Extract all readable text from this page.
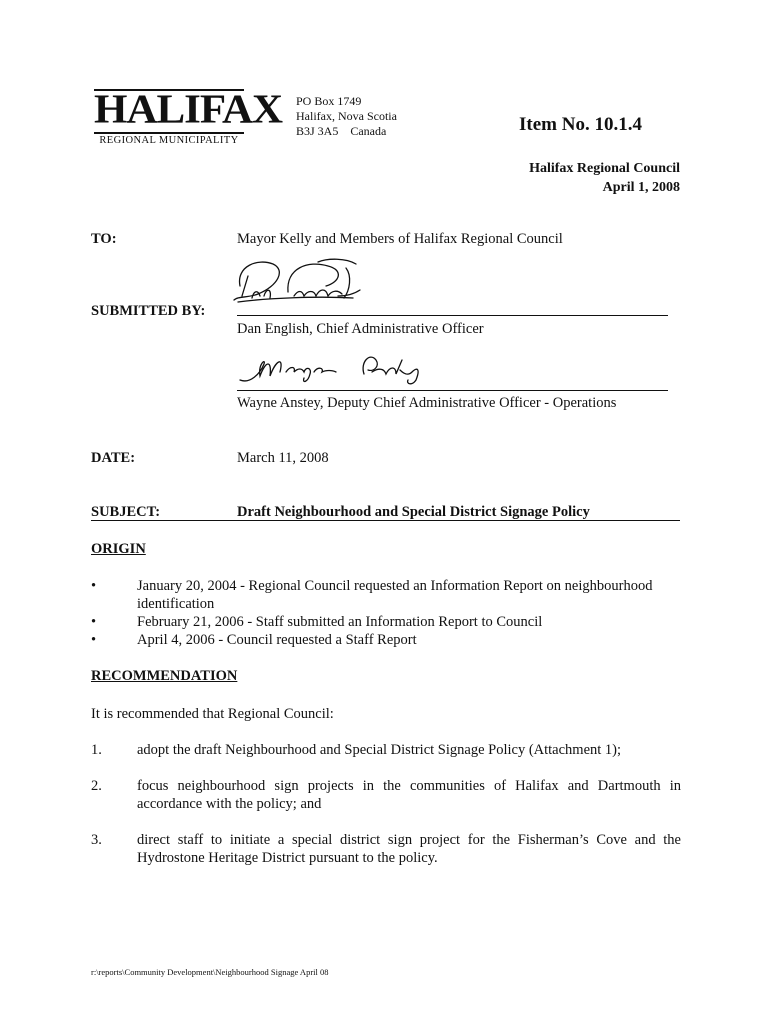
HALIFAX
REGIONAL MUNICIPALITY
PO Box 1749
Halifax, Nova Scotia
B3J 3A5    Canada	Item No. 10.1.4
Halifax Regional Council
April 1, 2008
TO:	Mayor Kelly and Members of Halifax Regional Council
SUBMITTED BY:
Dan English, Chief Administrative Officer
Wayne Anstey, Deputy Chief Administrative Officer - Operations
DATE:	March 11, 2008
SUBJECT:	Draft Neighbourhood and Special District Signage Policy
ORIGIN
•	January 20, 2004 - Regional Council requested an Information Report on neighbourhood identification
•	February 21, 2006 - Staff submitted an Information Report to Council
•	April 4, 2006 - Council requested a Staff Report
RECOMMENDATION
It is recommended that Regional Council:
1.	adopt the draft Neighbourhood and Special District Signage Policy (Attachment 1);
2.	focus neighbourhood sign projects in the communities of Halifax and Dartmouth in accordance with the policy; and
3.	direct staff to initiate a special district sign project for the Fisherman’s Cove and the Hydrostone Heritage District pursuant to the policy.
r:\reports\Community Development\Neighbourhood Signage April 08
